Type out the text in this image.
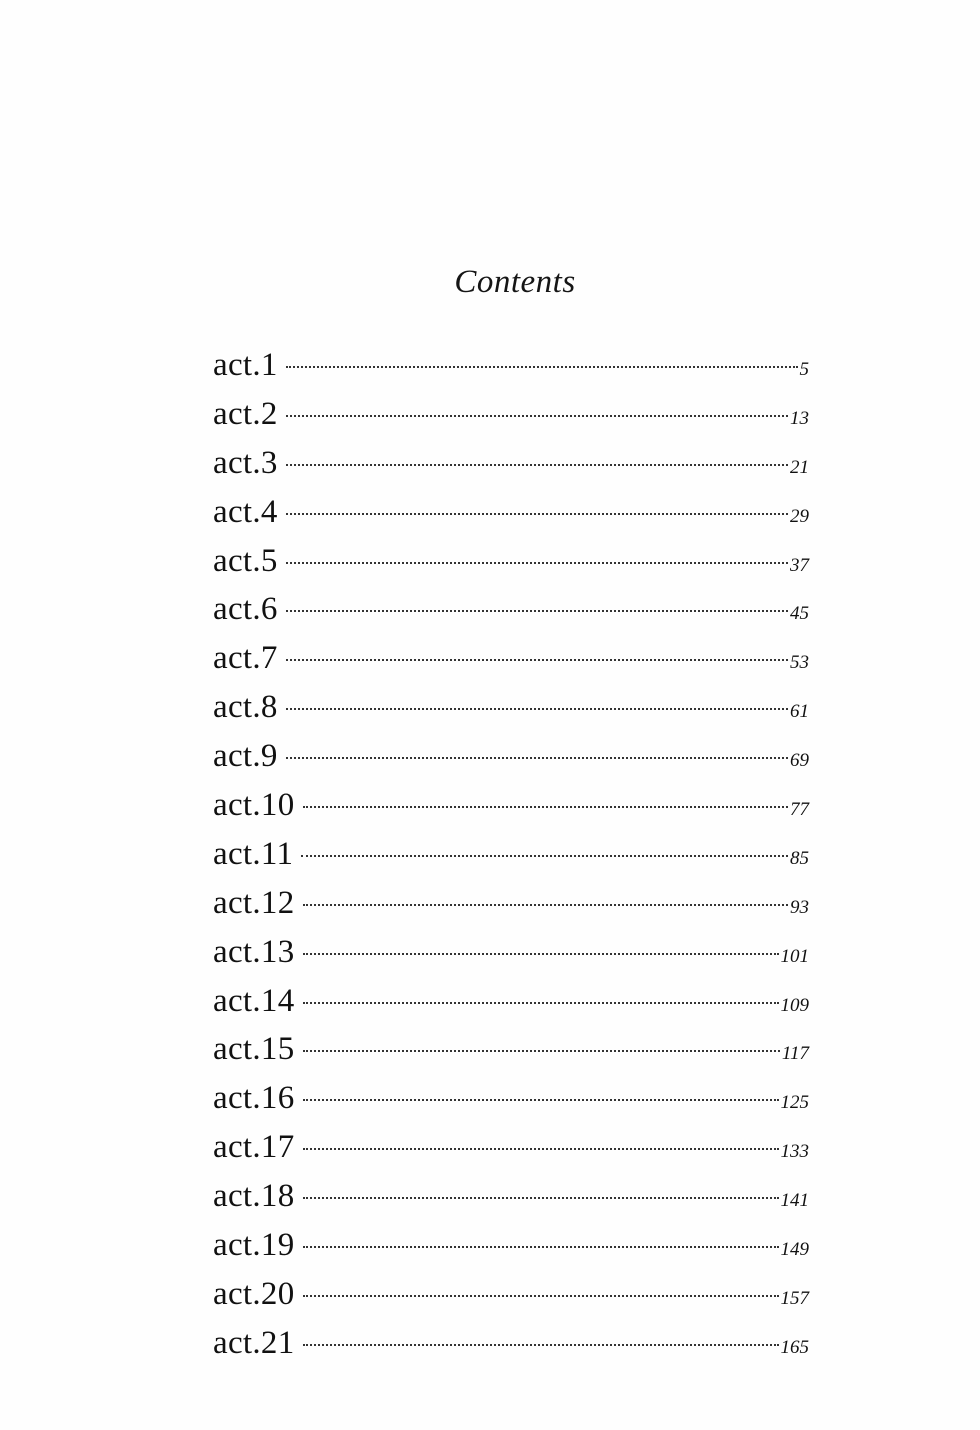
Contents
act.1	5
act.2	13
act.3	21
act.4	29
act.5	37
act.6	45
act.7	53
act.8	61
act.9	69
act.10	77
act.11	85
act.12	93
act.13	101
act.14	109
act.15	117
act.16	125
act.17	133
act.18	141
act.19	149
act.20	157
act.21	165
